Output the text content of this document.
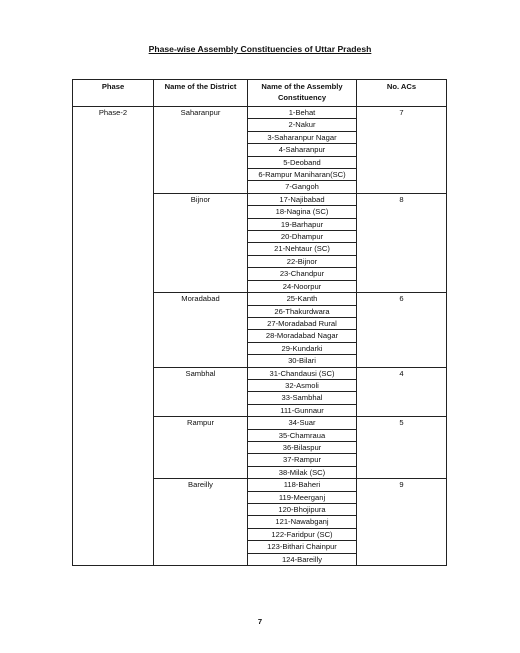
Phase-wise Assembly Constituencies of Uttar Pradesh
Phase	Name of the District	Name of the Assembly Constituency	No. ACs
Phase-2	Saharanpur	1-Behat	7
		2-Nakur	
		3-Saharanpur Nagar	
		4-Saharanpur	
		5-Deoband	
		6-Rampur Maniharan(SC)	
		7-Gangoh	
	Bijnor	17-Najibabad	8
		18-Nagina (SC)	
		19-Barhapur	
		20-Dhampur	
		21-Nehtaur (SC)	
		22-Bijnor	
		23-Chandpur	
		24-Noorpur	
	Moradabad	25-Kanth	6
		26-Thakurdwara	
		27-Moradabad Rural	
		28-Moradabad Nagar	
		29-Kundarki	
		30-Bilari	
	Sambhal	31-Chandausi (SC)	4
		32-Asmoli	
		33-Sambhal	
		111-Gunnaur	
	Rampur	34-Suar	5
		35-Chamraua	
		36-Bilaspur	
		37-Rampur	
		38-Milak (SC)	
	Bareilly	118-Baheri	9
		119-Meerganj	
		120-Bhojipura	
		121-Nawabganj	
		122-Faridpur (SC)	
		123-Bithari Chainpur	
		124-Bareilly	
7
